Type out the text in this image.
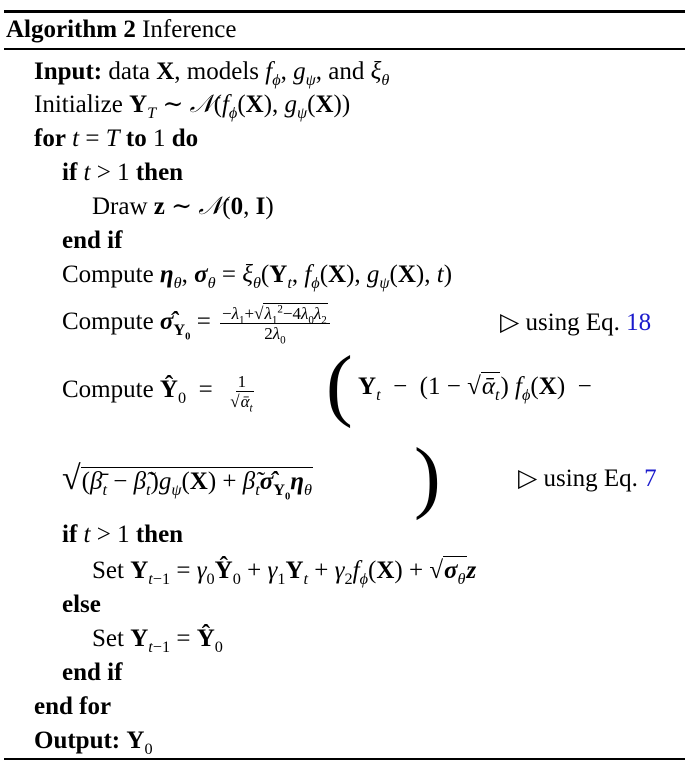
Algorithm 2 Inference
Input: data X, models $f_\phi$, $g_\psi$, and $\xi_\theta$
Initialize $Y_T$ ∼ $𝒩(f_\phi(X)$, $g_\psi(X)$)
for t = T to 1 do
if t > 1 then
Draw z ∼ 𝒩(0, I)
end if
Compute $\eta_\theta$, $\sigma_\theta = \xi_\theta(Y_t$, $f_\phi(X)$, $g_\psi(X)$, t)
Compute $\sigmâ_{Y_0} = \frac{-\lambda_1+√\lambda_1^2-4\lambda_0\lambda_2}{2\lambda_0}$	▷ using Eq. 18
Compute $Ŷ_0 = \frac{1}{√ᾱ_t}$ ( $Y_t - (1$ − √ᾱ$_t$) $f_\phi(X)$  −
$√(\betā_t$ − $\betã_t)g_\psi(X)$ + $\betã_t\sigmâ_{Y_0}\eta_\theta$ )	▷ using Eq. 7
if t > 1 then
Set $Y_{t-1}$ = $\gamma_0Ŷ_0 + \gamma_1Y_t + \gamma_2f_\phi(X) + √\sigma_\theta z$
else
Set $Y_{t-1}$ = $Ŷ_0$
end if
end for
Output: $Y_0$
